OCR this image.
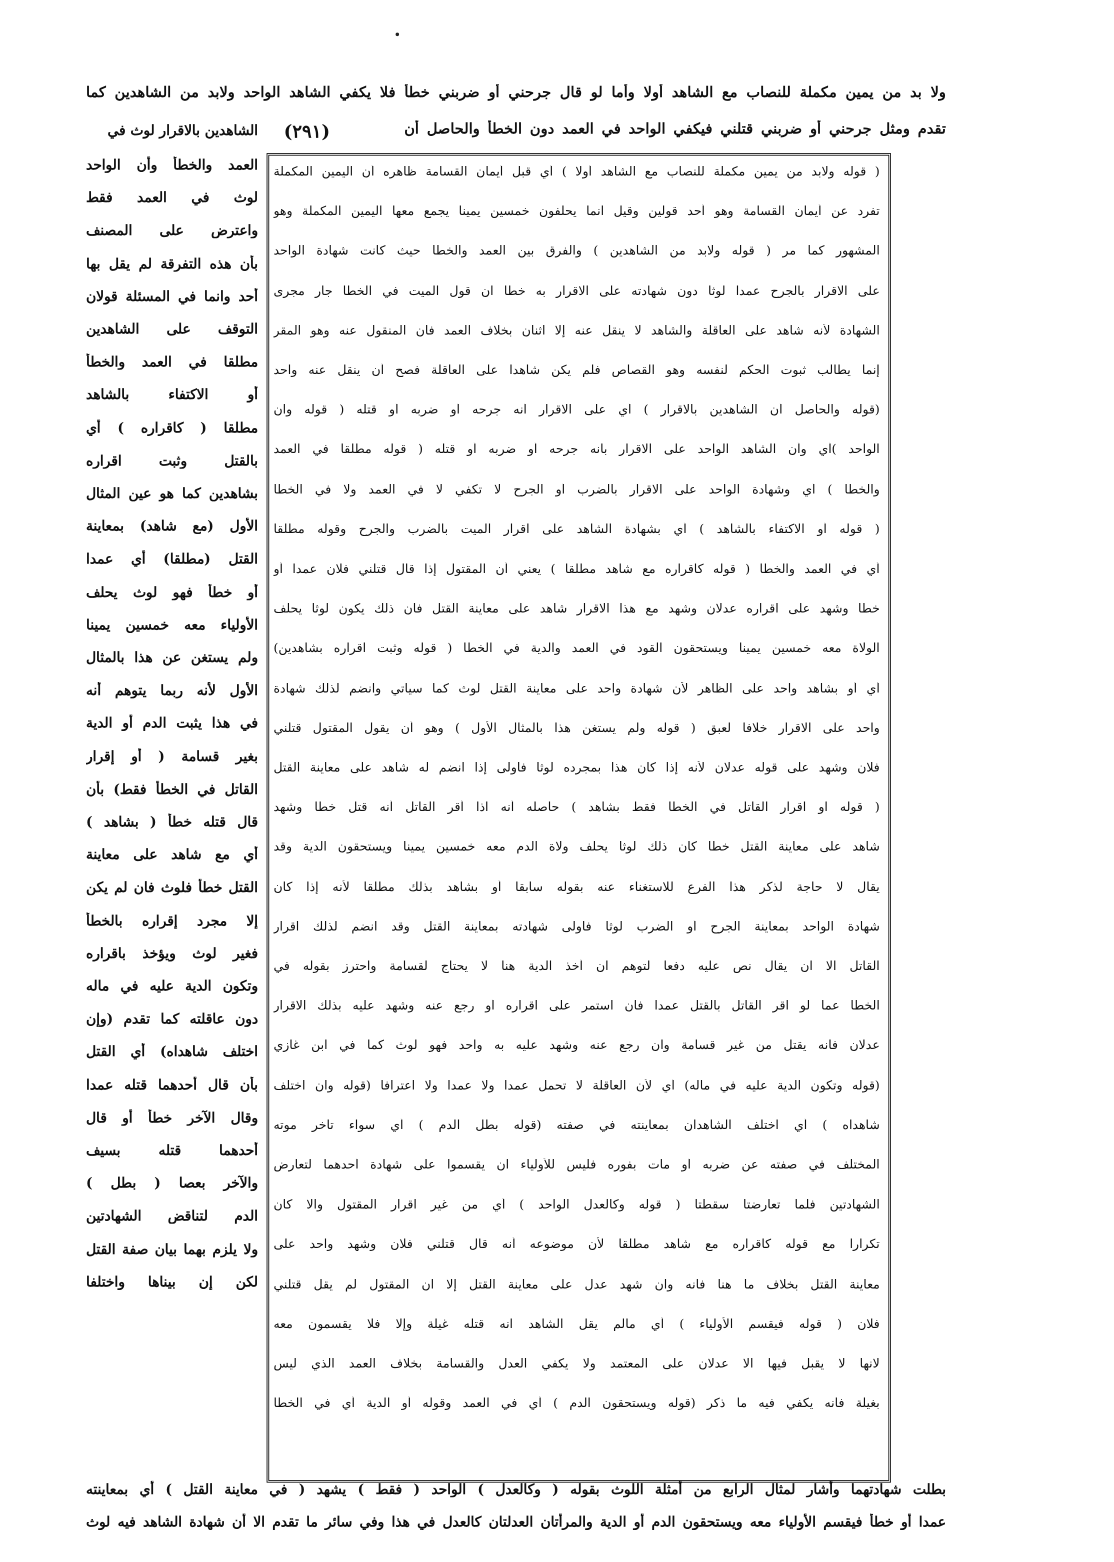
ولا بد من يمين مكملة للنصاب مع الشاهد أولا وأما لو قال جرحني أو ضربني خطأ فلا يكفي الشاهد الواحد ولابد من الشاهدين كما
تقدم ومثل جرحني أو ضربني قتلني فيكفي الواحد في العمد دون الخطأ والحاصل أن
(٢٩١)
الشاهدين بالاقرار لوث في
العمد والخطأ وأن الواحد
لوث في العمد فقط
واعترض على المصنف
بأن هذه التفرقة لم يقل بها
أحد وانما في المسئلة قولان
التوقف على الشاهدين
مطلقا في العمد والخطأ
أو الاكتفاء بالشاهد
مطلقا ( كاقراره ) أي
بالقتل وثبت اقراره
بشاهدين كما هو عين المثال
الأول (مع شاهد) بمعاينة
القتل (مطلقا) أي عمدا
أو خطأ فهو لوث يحلف
الأولياء معه خمسين يمينا
ولم يستغن عن هذا بالمثال
الأول لأنه ربما يتوهم أنه
في هذا يثبت الدم أو الدية
بغير قسامة ( أو إقرار
القاتل في الخطأ فقط) بأن
قال قتله خطأ ( بشاهد )
أي مع شاهد على معاينة
القتل خطأ فلوث فان لم يكن
إلا مجرد إقراره بالخطأ
فغير لوث ويؤخذ باقراره
وتكون الدية عليه في ماله
دون عاقلته كما تقدم (وإن
اختلف شاهداه) أي القتل
بأن قال أحدهما قتله عمدا
وقال الآخر خطأ أو قال
أحدهما قتله بسيف
والآخر بعصا ( بطل )
الدم لتناقض الشهادتين
ولا يلزم بهما بيان صفة القتل
لكن إن بيناها واختلفا
( قوله ولابد من يمين مكملة للنصاب مع الشاهد أولا ) أي قبل أيمان القسامة ظاهره أن اليمين المكملة
تفرد عن أيمان القسامة وهو أحد قولين وقيل انما يحلفون خمسين يمينا يجمع معها اليمين المكملة وهو
المشهور كما مر ( قوله ولابد من الشاهدين ) والفرق بين العمد والخطأ حيث كانت شهادة الواحد
على الاقرار بالجرح عمدا لوثا دون شهادته على الاقرار به خطأ ان قول الميت في الخطأ جار مجرى
الشهادة لأنه شاهد على العاقلة والشاهد لا ينقل عنه إلا اثنان بخلاف العمد فان المنقول عنه وهو المقر
إنما يطالب ثبوت الحكم لنفسه وهو القصاص فلم يكن شاهدا على العاقلة فصح أن ينقل عنه واحد
(قوله والحاصل أن الشاهدين بالاقرار ) أي على الاقرار أنه جرحه أو ضربه أو قتله ( قوله وان
الواحد )أي وأن الشاهد الواحد على الاقرار بأنه جرحه أو ضربه أو قتله ( قوله مطلقا في العمد
والخطأ ) أي وشهادة الواحد على الاقرار بالضرب أو الجرح لا تكفي لا في العمد ولا في الخطأ
( قوله أو الاكتفاء بالشاهد ) أي بشهادة الشاهد على اقرار الميت بالضرب والجرح وقوله مطلقا
أي في العمد والخطأ ( قوله كاقراره مع شاهد مطلقا ) يعني أن المقتول إذا قال قتلني فلان عمدا أو
خطأ وشهد على اقراره عدلان وشهد مع هذا الاقرار شاهد على معاينة القتل فان ذلك يكون لوثا يحلف
الولاة معه خمسين يمينا ويستحقون القود في العمد والدية في الخطأ ( قوله وثبت اقراره بشاهدين)
أي أو بشاهد واحد على الظاهر لأن شهادة واحد على معاينة القتل لوث كما سيأتي وانضم لذلك شهادة
واحد على الاقرار خلافا لعبق ( قوله ولم يستغن هذا بالمثال الأول ) وهو أن يقول المقتول قتلني
فلان وشهد على قوله عدلان لأنه إذا كان هذا بمجرده لوثا فاولى إذا انضم له شاهد على معاينة القتل
( قوله او اقرار القاتل في الخطأ فقط بشاهد ) حاصله أنه اذا أقر القاتل أنه قتل خطأ وشهد
شاهد على معاينة القتل خطأ كان ذلك لوثا يحلف ولاة الدم معه خمسين يمينا ويستحقون الدية وقد
يقال لا حاجة لذكر هذا الفرع للاستغناء عنه بقوله سابقا أو بشاهد بذلك مطلقا لأنه إذا كان
شهادة الواحد بمعاينة الجرح أو الضرب لوثا فاولى شهادته بمعاينة القتل وقد انضم لذلك اقرار
القاتل الا ان يقال نص عليه دفعا لتوهم ان أخذ الدية هنا لا يحتاج لقسامة واحترز بقوله في
الخطأ عما لو اقر القاتل بالقتل عمدا فان استمر على اقراره أو رجع عنه وشهد عليه بذلك الاقرار
عدلان فانه يقتل من غير قسامة وان رجع عنه وشهد عليه به واحد فهو لوث كما في ابن غازي
(قوله وتكون الدية عليه في ماله) أي لأن العاقلة لا تحمل عمدا ولا عمدا ولا اعترافا (قوله وان اختلف
شاهداه ) أي اختلف الشاهدان بمعاينته في صفته (قوله بطل الدم ) أي سواء تأخر موته
المختلف في صفته عن ضربه أو مات بفوره فليس للأولياء ان يقسموا على شهادة أحدهما لتعارض
الشهادتين فلما تعارضتا سقطتا ( قوله وكالعدل الواحد ) أي من غير اقرار المقتول والا كان
تكرارا مع قوله كاقراره مع شاهد مطلقا لأن موضوعه أنه قال قتلني فلان وشهد واحد على
معاينة القتل بخلاف ما هنا فانه وان شهد عدل على معاينة القتل إلا ان المقتول لم يقل قتلني
فلان ( قوله فيقسم الأولياء ) أي مالم يقل الشاهد انه قتله غيلة وإلا فلا يقسمون معه
لانها لا يقبل فيها الا عدلان على المعتمد ولا يكفي العدل والقسامة بخلاف العمد الذي ليس
بغيلة فانه يكفي فيه ما ذكر (قوله ويستحقون الدم ) أي في العمد وقوله أو الدية أي في الخطأ
بطلت شهادتهما وأشار لمثال الرابع من أمثلة اللوث بقوله ( وكالعدل ) الواحد ( فقط ) يشهد ( في معاينة القتل ) أي بمعاينته
عمدا أو خطأ فيقسم الأولياء معه ويستحقون الدم أو الدية والمرأتان العدلتان كالعدل في هذا وفي سائر ما تقدم الا أن شهادة الشاهد فيه لوث
